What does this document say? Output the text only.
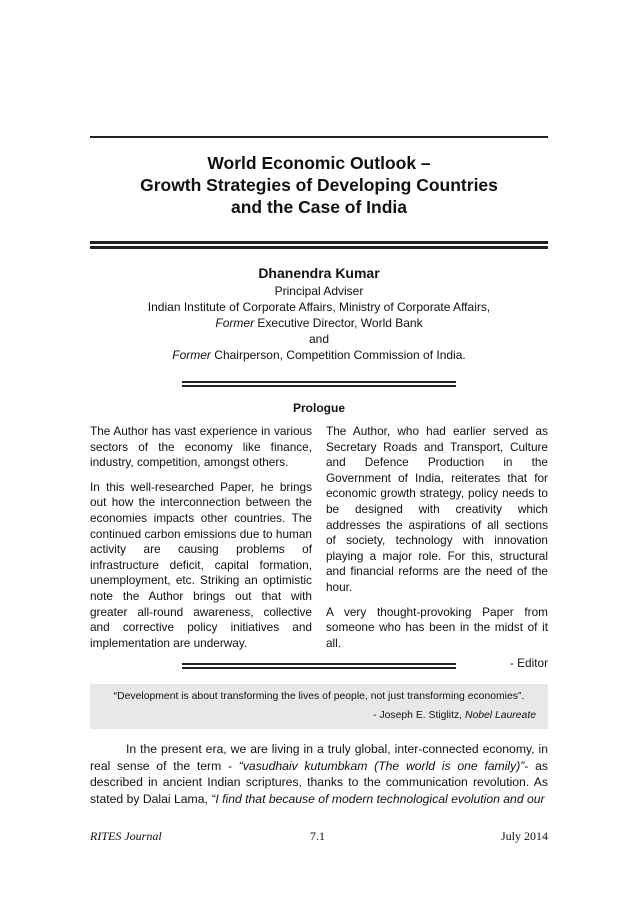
World Economic Outlook –
Growth Strategies of Developing Countries
and the Case of India
Dhanendra Kumar
Principal Adviser
Indian Institute of Corporate Affairs, Ministry of Corporate Affairs,
Former Executive Director, World Bank
and
Former Chairperson, Competition Commission of India.
Prologue

The Author has vast experience in various sectors of the economy like finance, industry, competition, amongst others.

In this well-researched Paper, he brings out how the interconnection between the economies impacts other countries. The continued carbon emissions due to human activity are causing problems of infrastructure deficit, capital formation, unemployment, etc. Striking an optimistic note the Author brings out that with greater all-round awareness, collective and corrective policy initiatives and implementation are underway.

The Author, who had earlier served as Secretary Roads and Transport, Culture and Defence Production in the Government of India, reiterates that for economic growth strategy, policy needs to be designed with creativity which addresses the aspirations of all sections of society, technology with innovation playing a major role. For this, structural and financial reforms are the need of the hour.

A very thought-provoking Paper from someone who has been in the midst of it all.

- Editor
“Development is about transforming the lives of people, not just transforming economies”.
- Joseph E. Stiglitz, Nobel Laureate

In the present era, we are living in a truly global, inter-connected economy, in real sense of the term - “vasudhaiv kutumbkam (The world is one family)”- as described in ancient Indian scriptures, thanks to the communication revolution. As stated by Dalai Lama, “I find that because of modern technological evolution and our

RITES Journal	7.1	July 2014
